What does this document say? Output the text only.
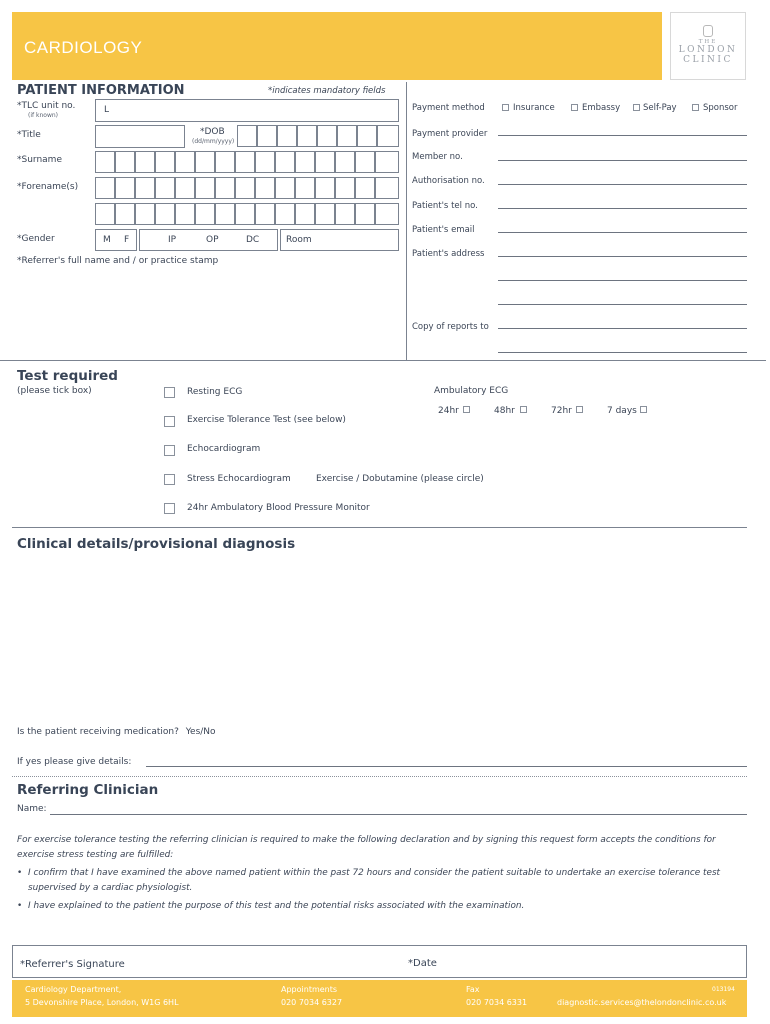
CARDIOLOGY	THE
LONDON
CLINIC
PATIENT INFORMATION	*indicates mandatory fields
*TLC unit no.
(if known)
L
*Title	*DOB
(dd/mm/yyyy)
*Surname
*Forename(s)
*Gender	M F	IP	OP	DC	Room
*Referrer's full name and / or practice stamp
Payment method	Insurance	Embassy	Self-Pay	Sponsor
Payment provider
Member no.
Authorisation no.
Patient's tel no.
Patient's email
Patient's address
Copy of reports to
Test required
(please tick box)	Resting ECG
Exercise Tolerance Test (see below)
Echocardiogram
Stress Echocardiogram	Exercise / Dobutamine (please circle)
24hr Ambulatory Blood Pressure Monitor
Ambulatory ECG
24hr	48hr	72hr	7 days
Clinical details/provisional diagnosis
Is the patient receiving medication? Yes/No
If yes please give details:
Referring Clinician
Name:
For exercise tolerance testing the referring clinician is required to make the following declaration and by signing this request form accepts the conditions for exercise stress testing are fulfilled:
• I confirm that I have examined the above named patient within the past 72 hours and consider the patient suitable to undertake an exercise tolerance test supervised by a cardiac physiologist.
• I have explained to the patient the purpose of this test and the potential risks associated with the examination.
*Referrer's Signature	*Date
Cardiology Department,
5 Devonshire Place, London, W1G 6HL
Appointments
020 7034 6327
Fax
020 7034 6331
013194
diagnostic.services@thelondonclinic.co.uk
